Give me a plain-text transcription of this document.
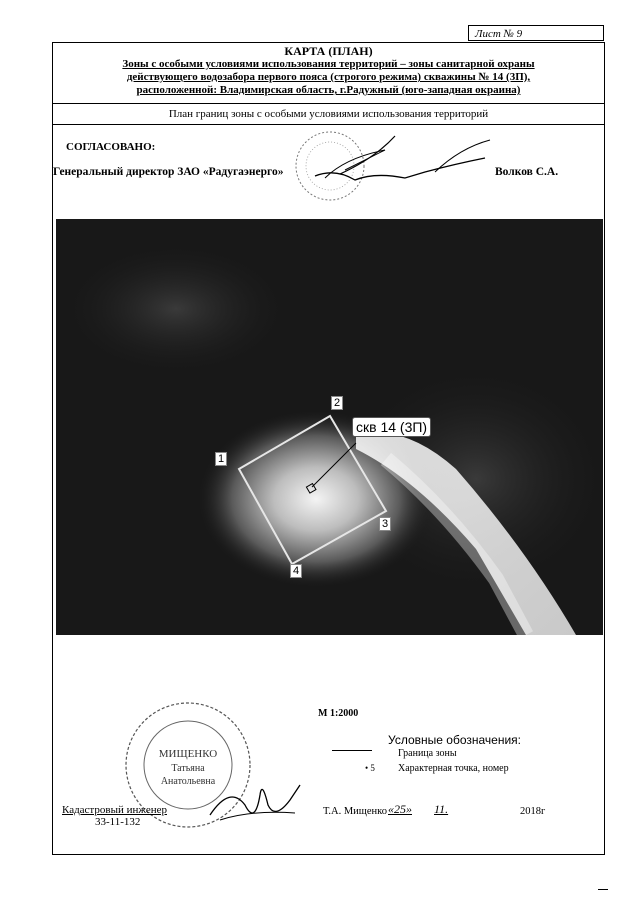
Лист № 9
КАРТА (ПЛАН)
Зоны с особыми условиями использования территорий – зоны санитарной охраны
действующего водозабора первого пояса (строгого режима) скважины № 14 (3П),
расположенной: Владимирская область, г.Радужный (юго-западная окраина)
План границ зоны с особыми условиями использования территорий
СОГЛАСОВАНО:
Генеральный директор ЗАО «Радугаэнерго»	Волков С.А.
скв 14 (3П)
1
2
3
4
М 1:2000
Условные обозначения:
Граница зоны
• 5 Характерная точка, номер
МИЩЕНКО
Татьяна
Анатольевна
Кадастровый инженер
33-11-132
Т.А. Мищенко «25» 11.	2018г
